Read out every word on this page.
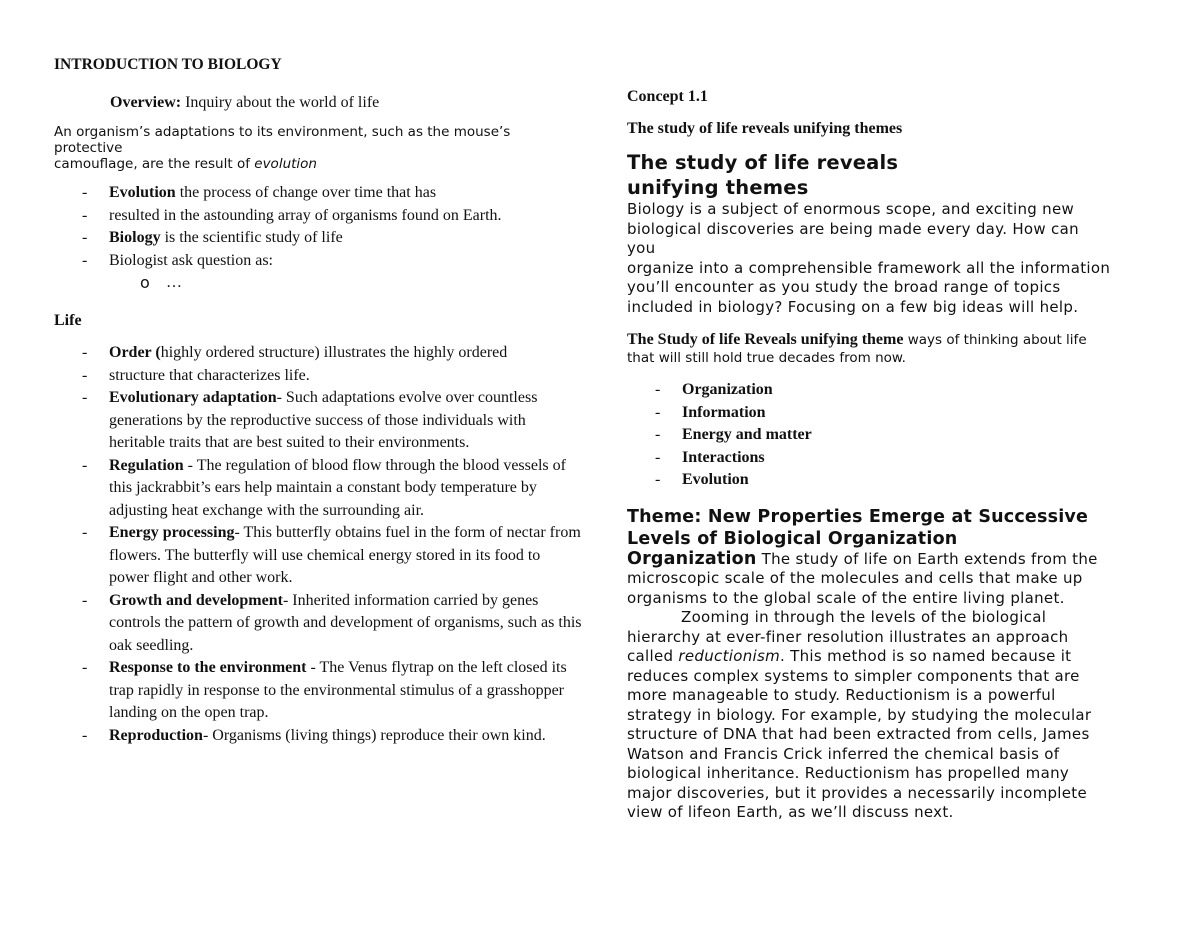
INTRODUCTION TO BIOLOGY

Overview: Inquiry about the world of life

An organism’s adaptations to its environment, such as the mouse’s protective
camouflage, are the result of evolution

- Evolution the process of change over time that has
- resulted in the astounding array of organisms found on Earth.
- Biology is the scientific study of life
- Biologist ask question as:
o …

Life

- Order (highly ordered structure) illustrates the highly ordered
- structure that characterizes life.
- Evolutionary adaptation- Such adaptations evolve over countless generations by the reproductive success of those individuals with heritable traits that are best suited to their environments.
- Regulation - The regulation of blood flow through the blood vessels of this jackrabbit’s ears help maintain a constant body temperature by adjusting heat exchange with the surrounding air.
- Energy processing- This butterfly obtains fuel in the form of nectar from flowers. The butterfly will use chemical energy stored in its food to power flight and other work.
- Growth and development- Inherited information carried by genes controls the pattern of growth and development of organisms, such as this oak seedling.
- Response to the environment - The Venus flytrap on the left closed its trap rapidly in response to the environmental stimulus of a grasshopper landing on the open trap.
- Reproduction- Organisms (living things) reproduce their own kind.

Concept 1.1

The study of life reveals unifying themes

The study of life reveals
unifying themes

Biology is a subject of enormous scope, and exciting new
biological discoveries are being made every day. How can
you
organize into a comprehensible framework all the information
you’ll encounter as you study the broad range of topics
included in biology? Focusing on a few big ideas will help.

The Study of life Reveals unifying theme ways of thinking about life
that will still hold true decades from now.

- Organization
- Information
- Energy and matter
- Interactions
- Evolution

Theme: New Properties Emerge at Successive
Levels of Biological Organization

Organization The study of life on Earth extends from the
microscopic scale of the molecules and cells that make up
organisms to the global scale of the entire living planet.
Zooming in through the levels of the biological
hierarchy at ever-finer resolution illustrates an approach
called reductionism. This method is so named because it
reduces complex systems to simpler components that are
more manageable to study. Reductionism is a powerful
strategy in biology. For example, by studying the molecular
structure of DNA that had been extracted from cells, James
Watson and Francis Crick inferred the chemical basis of
biological inheritance. Reductionism has propelled many
major discoveries, but it provides a necessarily incomplete
view of lifeon Earth, as we’ll discuss next.
